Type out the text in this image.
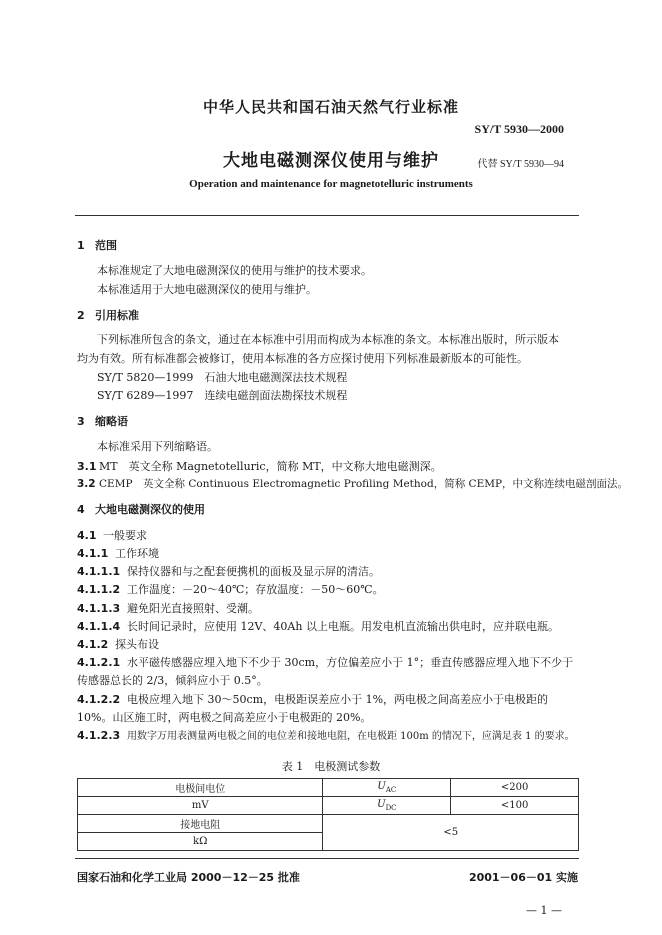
中华人民共和国石油天然气行业标准
SY/T 5930—2000
大地电磁测深仪使用与维护	代替 SY/T 5930—94
Operation and maintenance for magnetotelluric instruments
1 范围
本标准规定了大地电磁测深仪的使用与维护的技术要求。
本标准适用于大地电磁测深仪的使用与维护。
2 引用标准
下列标准所包含的条文，通过在本标准中引用而构成为本标准的条文。本标准出版时，所示版本
均为有效。所有标准都会被修订，使用本标准的各方应探讨使用下列标准最新版本的可能性。
SY/T 5820—1999　石油大地电磁测深法技术规程
SY/T 6289—1997　连续电磁剖面法勘探技术规程
3 缩略语
本标准采用下列缩略语。
3.1 MT　英文全称 Magnetotelluric，简称 MT，中文称大地电磁测深。
3.2 CEMP　英文全称 Continuous Electromagnetic Profiling Method，简称 CEMP，中文称连续电磁剖面法。
4 大地电磁测深仪的使用
4.1 一般要求
4.1.1 工作环境
4.1.1.1 保持仪器和与之配套便携机的面板及显示屏的清洁。
4.1.1.2 工作温度：－20～40℃；存放温度：－50～60℃。
4.1.1.3 避免阳光直接照射、受潮。
4.1.1.4 长时间记录时，应使用 12V、40Ah 以上电瓶。用发电机直流输出供电时，应并联电瓶。
4.1.2 探头布设
4.1.2.1 水平磁传感器应埋入地下不少于 30cm，方位偏差应小于 1°；垂直传感器应埋入地下不少于
传感器总长的 2/3，倾斜应小于 0.5°。
4.1.2.2 电极应埋入地下 30～50cm，电极距误差应小于 1%，两电极之间高差应小于电极距的
10%。山区施工时，两电极之间高差应小于电极距的 20%。
4.1.2.3 用数字万用表测量两电极之间的电位差和接地电阻，在电极距 100m 的情况下，应满足表 1 的要求。
表 1　电极测试参数
电极间电位	$U_{AC}$	<200
mV	$U_{DC}$	<100
接地电阻	<5	
kΩ		
国家石油和化学工业局 2000－12－25 批准	2001－06－01 实施
— 1 —
